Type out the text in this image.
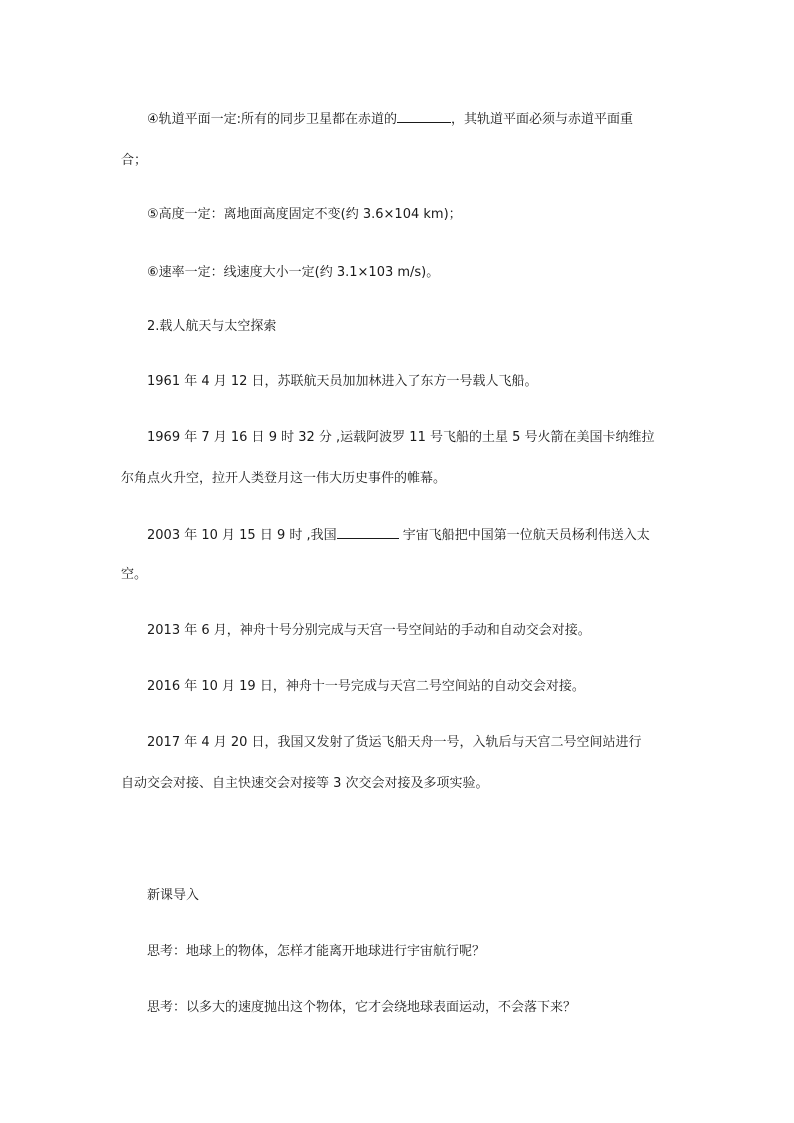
④轨道平面一定:所有的同步卫星都在赤道的	，其轨道平面必须与赤道平面重
合；
⑤高度一定：离地面高度固定不变(约 3.6×104 km)；
⑥速率一定：线速度大小一定(约 3.1×103 m/s)。
2.载人航天与太空探索
1961 年 4 月 12 日，苏联航天员加加林进入了东方一号载人飞船。
1969 年 7 月 16 日 9 时 32 分 ,运载阿波罗 11 号飞船的土星 5 号火箭在美国卡纳维拉
尔角点火升空，拉开人类登月这一伟大历史事件的帷幕。
2003 年 10 月 15 日 9 时 ,我国	宇宙飞船把中国第一位航天员杨利伟送入太
空。
2013 年 6 月，神舟十号分别完成与天宫一号空间站的手动和自动交会对接。
2016 年 10 月 19 日，神舟十一号完成与天宫二号空间站的自动交会对接。
2017 年 4 月 20 日，我国又发射了货运飞船天舟一号，入轨后与天宫二号空间站进行
自动交会对接、自主快速交会对接等 3 次交会对接及多项实验。
新课导入
思考：地球上的物体，怎样才能离开地球进行宇宙航行呢？
思考：以多大的速度抛出这个物体，它才会绕地球表面运动，不会落下来？
